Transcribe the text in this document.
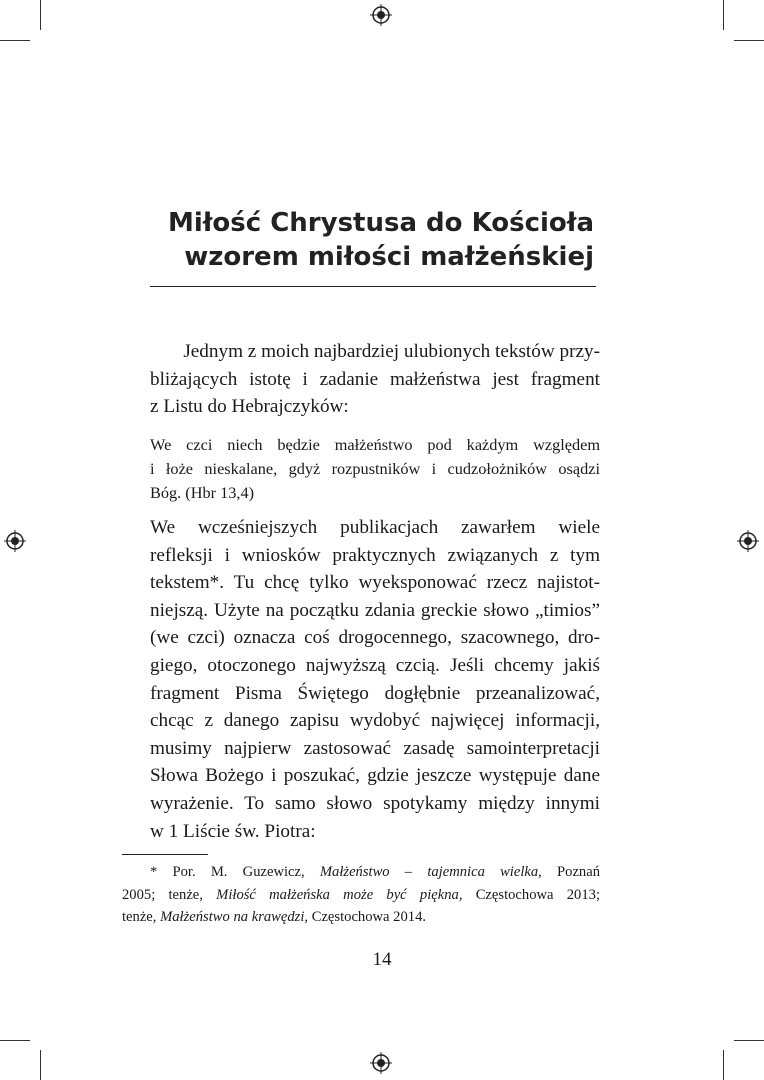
Miłość Chrystusa do Kościoła
wzorem miłości małżeńskiej
Jednym z moich najbardziej ulubionych tekstów przy-
bliżających istotę i zadanie małżeństwa jest fragment
z Listu do Hebrajczyków:
We czci niech będzie małżeństwo pod każdym względem
i łoże nieskalane, gdyż rozpustników i cudzołożników osądzi
Bóg. (Hbr 13,4)
We wcześniejszych publikacjach zawarłem wiele
refleksji i wniosków praktycznych związanych z tym
tekstem*. Tu chcę tylko wyeksponować rzecz najistot-
niejszą. Użyte na początku zdania greckie słowo „timios”
(we czci) oznacza coś drogocennego, szacownego, dro-
giego, otoczonego najwyższą czcią. Jeśli chcemy jakiś
fragment Pisma Świętego dogłębnie przeanalizować,
chcąc z danego zapisu wydobyć najwięcej informacji,
musimy najpierw zastosować zasadę samointerpretacji
Słowa Bożego i poszukać, gdzie jeszcze występuje dane
wyrażenie. To samo słowo spotykamy między innymi
w 1 Liście św. Piotra:
* Por. M. Guzewicz, Małżeństwo – tajemnica wielka, Poznań
2005; tenże, Miłość małżeńska może być piękna, Częstochowa 2013;
tenże, Małżeństwo na krawędzi, Częstochowa 2014.
14
